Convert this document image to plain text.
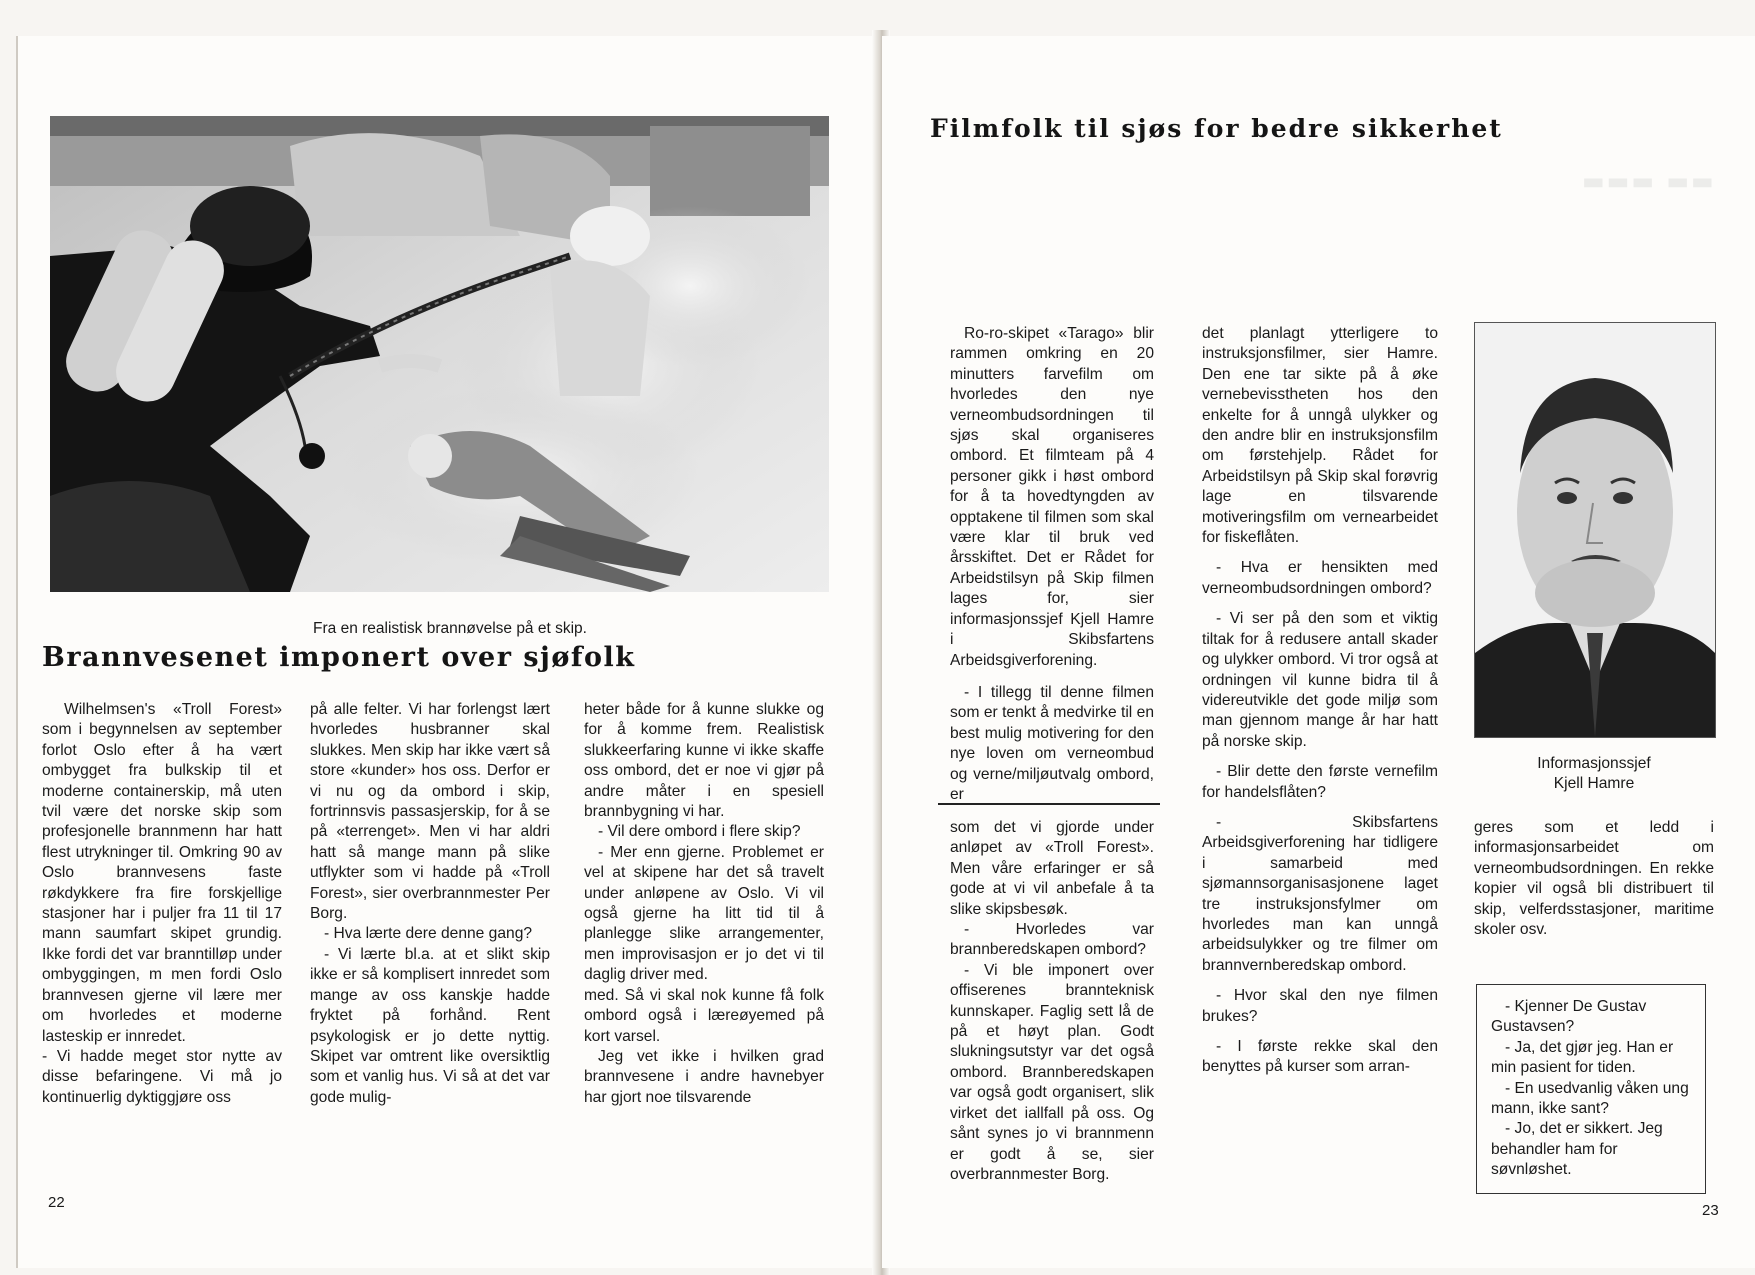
Fra en realistisk brannøvelse på et skip.
Brannvesenet imponert over sjøfolk

Wilhelmsen's «Troll Forest» som i begynnelsen av september forlot Oslo efter å ha vært ombygget fra bulkskip til et moderne containerskip, må uten tvil være det norske skip som profesjonelle brannmenn har hatt flest utrykninger til. Omkring 90 av Oslo brannvesens faste røkdykkere fra fire forskjellige stasjoner har i puljer fra 11 til 17 mann saumfart skipet grundig. Ikke fordi det var branntilløp under ombyggingen, m men fordi Oslo brannvesen gjerne vil lære mer om hvorledes et moderne lasteskip er innredet.

- Vi hadde meget stor nytte av disse befaringene. Vi må jo kontinuerlig dyktiggjøre oss

på alle felter. Vi har forlengst lært hvorledes husbranner skal slukkes. Men skip har ikke vært så store «kunder» hos oss. Derfor er vi nu og da ombord i skip, fortrinnsvis passasjerskip, for å se på «terrenget». Men vi har aldri hatt så mange mann på slike utflykter som vi hadde på «Troll Forest», sier overbrannmester Per Borg.

- Hva lærte dere denne gang?

- Vi lærte bl.a. at et slikt skip ikke er så komplisert innredet som mange av oss kanskje hadde fryktet på forhånd. Rent psykologisk er jo dette nyttig. Skipet var omtrent like oversiktlig som et vanlig hus. Vi så at det var gode mulig-

heter både for å kunne slukke og for å komme frem. Realistisk slukkeerfaring kunne vi ikke skaffe oss ombord, det er noe vi gjør på andre måter i en spesiell brannbygning vi har.

- Vil dere ombord i flere skip?

- Mer enn gjerne. Problemet er vel at skipene har det så travelt under anløpene av Oslo. Vi vil også gjerne ha litt tid til å planlegge slike arrangementer, men improvisasjon er jo det vi til daglig driver med.

med. Så vi skal nok kunne få folk ombord også i læreøyemed på kort varsel.

Jeg vet ikke i hvilken grad brannvesene i andre havnebyer har gjort noe tilsvarende

22
▬▬▬ ▬▬
Filmfolk til sjøs for bedre sikkerhet

Ro-ro-skipet «Tarago» blir rammen omkring en 20 minutters farvefilm om hvorledes den nye verneombudsordningen til sjøs skal organiseres ombord. Et filmteam på 4 personer gikk i høst ombord for å ta hovedtyngden av opptakene til filmen som skal være klar til bruk ved årsskiftet. Det er Rådet for Arbeidstilsyn på Skip filmen lages for, sier informasjonssjef Kjell Hamre i Skibsfartens Arbeidsgiverforening.

- I tillegg til denne filmen som er tenkt å medvirke til en best mulig motivering for den nye loven om verneombud og verne/miljøutvalg ombord, er

som det vi gjorde under anløpet av «Troll Forest». Men våre erfaringer er så gode at vi vil anbefale å ta slike skipsbesøk.

- Hvorledes var brannberedskapen ombord?

- Vi ble imponert over offiserenes brannteknisk kunnskaper. Faglig sett lå de på et høyt plan. Godt slukningsutstyr var det også ombord. Brannberedskapen var også godt organisert, slik virket det iallfall på oss. Og sånt synes jo vi brannmenn er godt å se, sier overbrannmester Borg.

det planlagt ytterligere to instruksjonsfilmer, sier Hamre. Den ene tar sikte på å øke vernebevisstheten hos den enkelte for å unngå ulykker og den andre blir en instruksjonsfilm om førstehjelp. Rådet for Arbeidstilsyn på Skip skal forøvrig lage en tilsvarende motiveringsfilm om vernearbeidet for fiskeflåten.

- Hva er hensikten med verneombudsordningen ombord?

- Vi ser på den som et viktig tiltak for å redusere antall skader og ulykker ombord. Vi tror også at ordningen vil kunne bidra til å videreutvikle det gode miljø som man gjennom mange år har hatt på norske skip.

- Blir dette den første vernefilm for handelsflåten?

- Skibsfartens Arbeidsgiverforening har tidligere i samarbeid med sjømannsorganisasjonene laget tre instruksjonsfylmer om hvorledes man kan unngå arbeidsulykker og tre filmer om brannvernberedskap ombord.

- Hvor skal den nye filmen brukes?

- I første rekke skal den benyttes på kurser som arran-

Informasjonssjef
Kjell Hamre

geres som et ledd i informasjonsarbeidet om verneombudsordningen. En rekke kopier vil også bli distribuert til skip, velferdsstasjoner, maritime skoler osv.

- Kjenner De Gustav Gustavsen?

- Ja, det gjør jeg. Han er min pasient for tiden.

- En usedvanlig våken ung mann, ikke sant?

- Jo, det er sikkert. Jeg behandler ham for søvnløshet.

23
